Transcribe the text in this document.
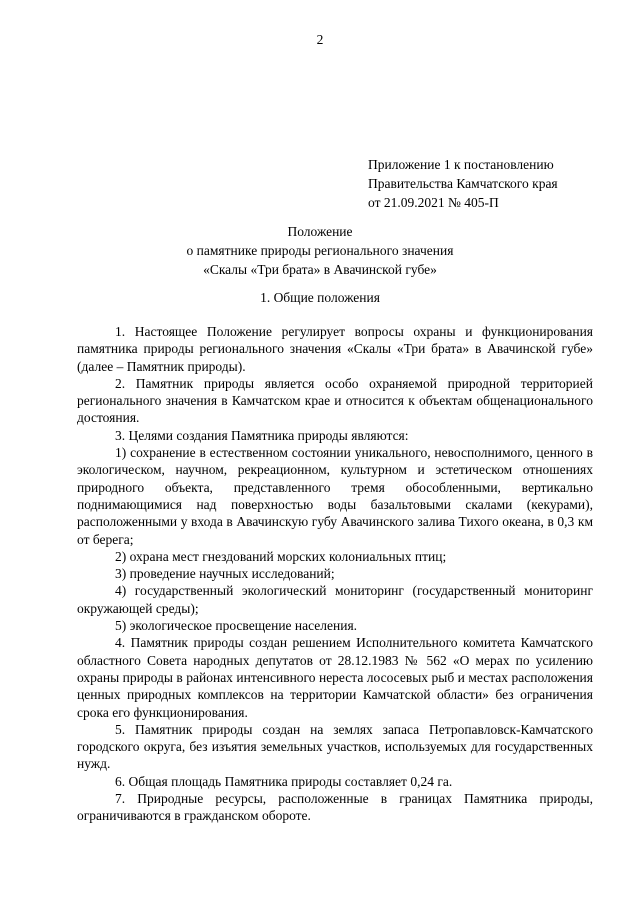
2
Приложение 1 к постановлению
Правительства Камчатского края
от 21.09.2021 № 405-П
Положение
о памятнике природы регионального значения
«Скалы «Три брата» в Авачинской губе»
1. Общие положения

1. Настоящее Положение регулирует вопросы охраны и функционирования памятника природы регионального значения «Скалы «Три брата» в Авачинской губе» (далее – Памятник природы).

2. Памятник природы является особо охраняемой природной территорией регионального значения в Камчатском крае и относится к объектам общенационального достояния.

3. Целями создания Памятника природы являются:

1) сохранение в естественном состоянии уникального, невосполнимого, ценного в экологическом, научном, рекреационном, культурном и эстетическом отношениях природного объекта, представленного тремя обособленными, вертикально поднимающимися над поверхностью воды базальтовыми скалами (кекурами), расположенными у входа в Авачинскую губу Авачинского залива Тихого океана, в 0,3 км от берега;

2) охрана мест гнездований морских колониальных птиц;

3) проведение научных исследований;

4) государственный экологический мониторинг (государственный мониторинг окружающей среды);

5) экологическое просвещение населения.

4. Памятник природы создан решением Исполнительного комитета Камчатского областного Совета народных депутатов от 28.12.1983 № 562 «О мерах по усилению охраны природы в районах интенсивного нереста лососевых рыб и местах расположения ценных природных комплексов на территории Камчатской области» без ограничения срока его функционирования.

5. Памятник природы создан на землях запаса Петропавловск-Камчатского городского округа, без изъятия земельных участков, используемых для государственных нужд.

6. Общая площадь Памятника природы составляет 0,24 га.

7. Природные ресурсы, расположенные в границах Памятника природы, ограничиваются в гражданском обороте.
